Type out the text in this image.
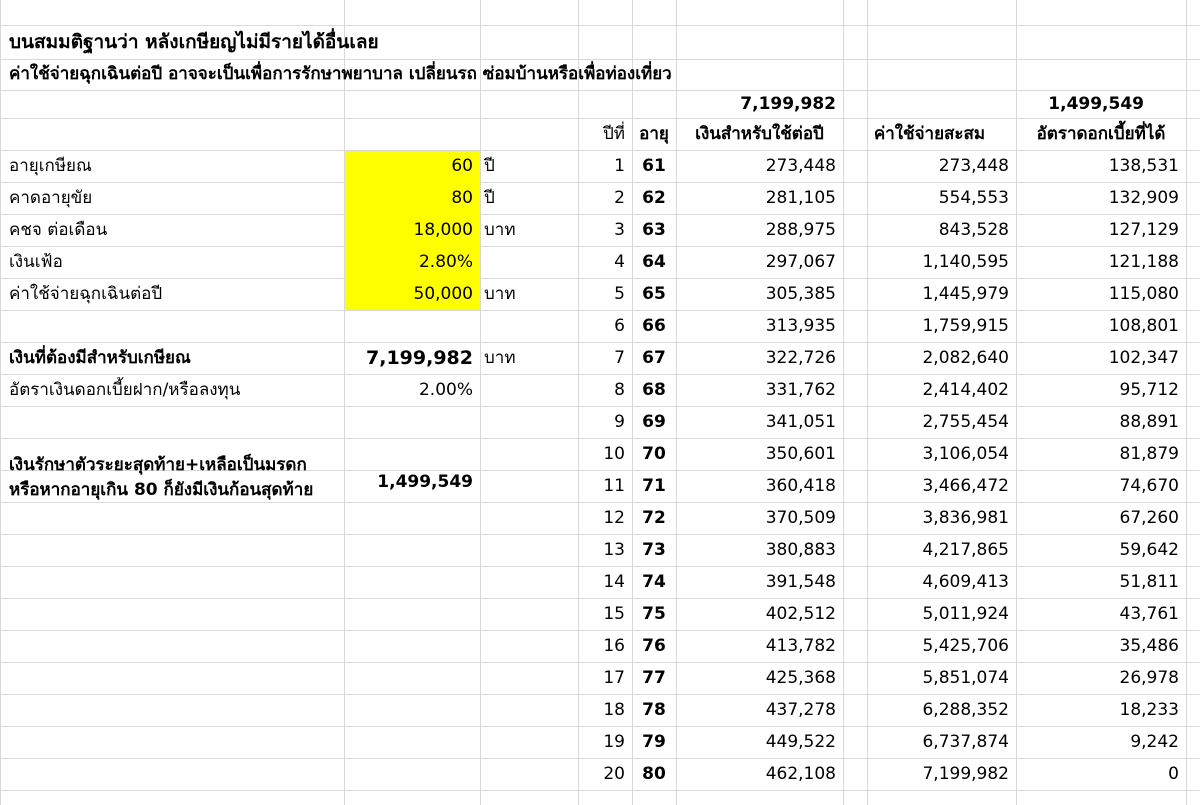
บนสมมติฐานว่า หลังเกษียญไม่มีรายได้อื่นเลย
ค่าใช้จ่ายฉุกเฉินต่อปี อาจจะเป็นเพื่อการรักษาพยาบาล เปลี่ยนรถ ซ่อมบ้านหรือเพื่อท่องเที่ยว
7,199,982	1,499,549
ปีที่ อายุ	เงินสำหรับใช้ต่อปี	ค่าใช้จ่ายสะสม	อัตราดอกเบี้ยที่ได้
อายุเกษียณ	60 ปี
คาดอายุขัย	80 ปี
คชจ ต่อเดือน	18,000 บาท
เงินเฟ้อ	2.80%
ค่าใช้จ่ายฉุกเฉินต่อปี	50,000 บาท
เงินที่ต้องมีสำหรับเกษียณ	7,199,982 บาท
อัตราเงินดอกเบี้ยฝาก/หรือลงทุน	2.00%
เงินรักษาตัวระยะสุดท้าย+เหลือเป็นมรดก หรือหากอายุเกิน 80 ก็ยังมีเงินก้อนสุดท้าย	1,499,549
1	61	273,448	273,448	138,531
2	62	281,105	554,553	132,909
3	63	288,975	843,528	127,129
4	64	297,067	1,140,595	121,188
5	65	305,385	1,445,979	115,080
6	66	313,935	1,759,915	108,801
7	67	322,726	2,082,640	102,347
8	68	331,762	2,414,402	95,712
9	69	341,051	2,755,454	88,891
10	70	350,601	3,106,054	81,879
11	71	360,418	3,466,472	74,670
12	72	370,509	3,836,981	67,260
13	73	380,883	4,217,865	59,642
14	74	391,548	4,609,413	51,811
15	75	402,512	5,011,924	43,761
16	76	413,782	5,425,706	35,486
17	77	425,368	5,851,074	26,978
18	78	437,278	6,288,352	18,233
19	79	449,522	6,737,874	9,242
20	80	462,108	7,199,982	0
